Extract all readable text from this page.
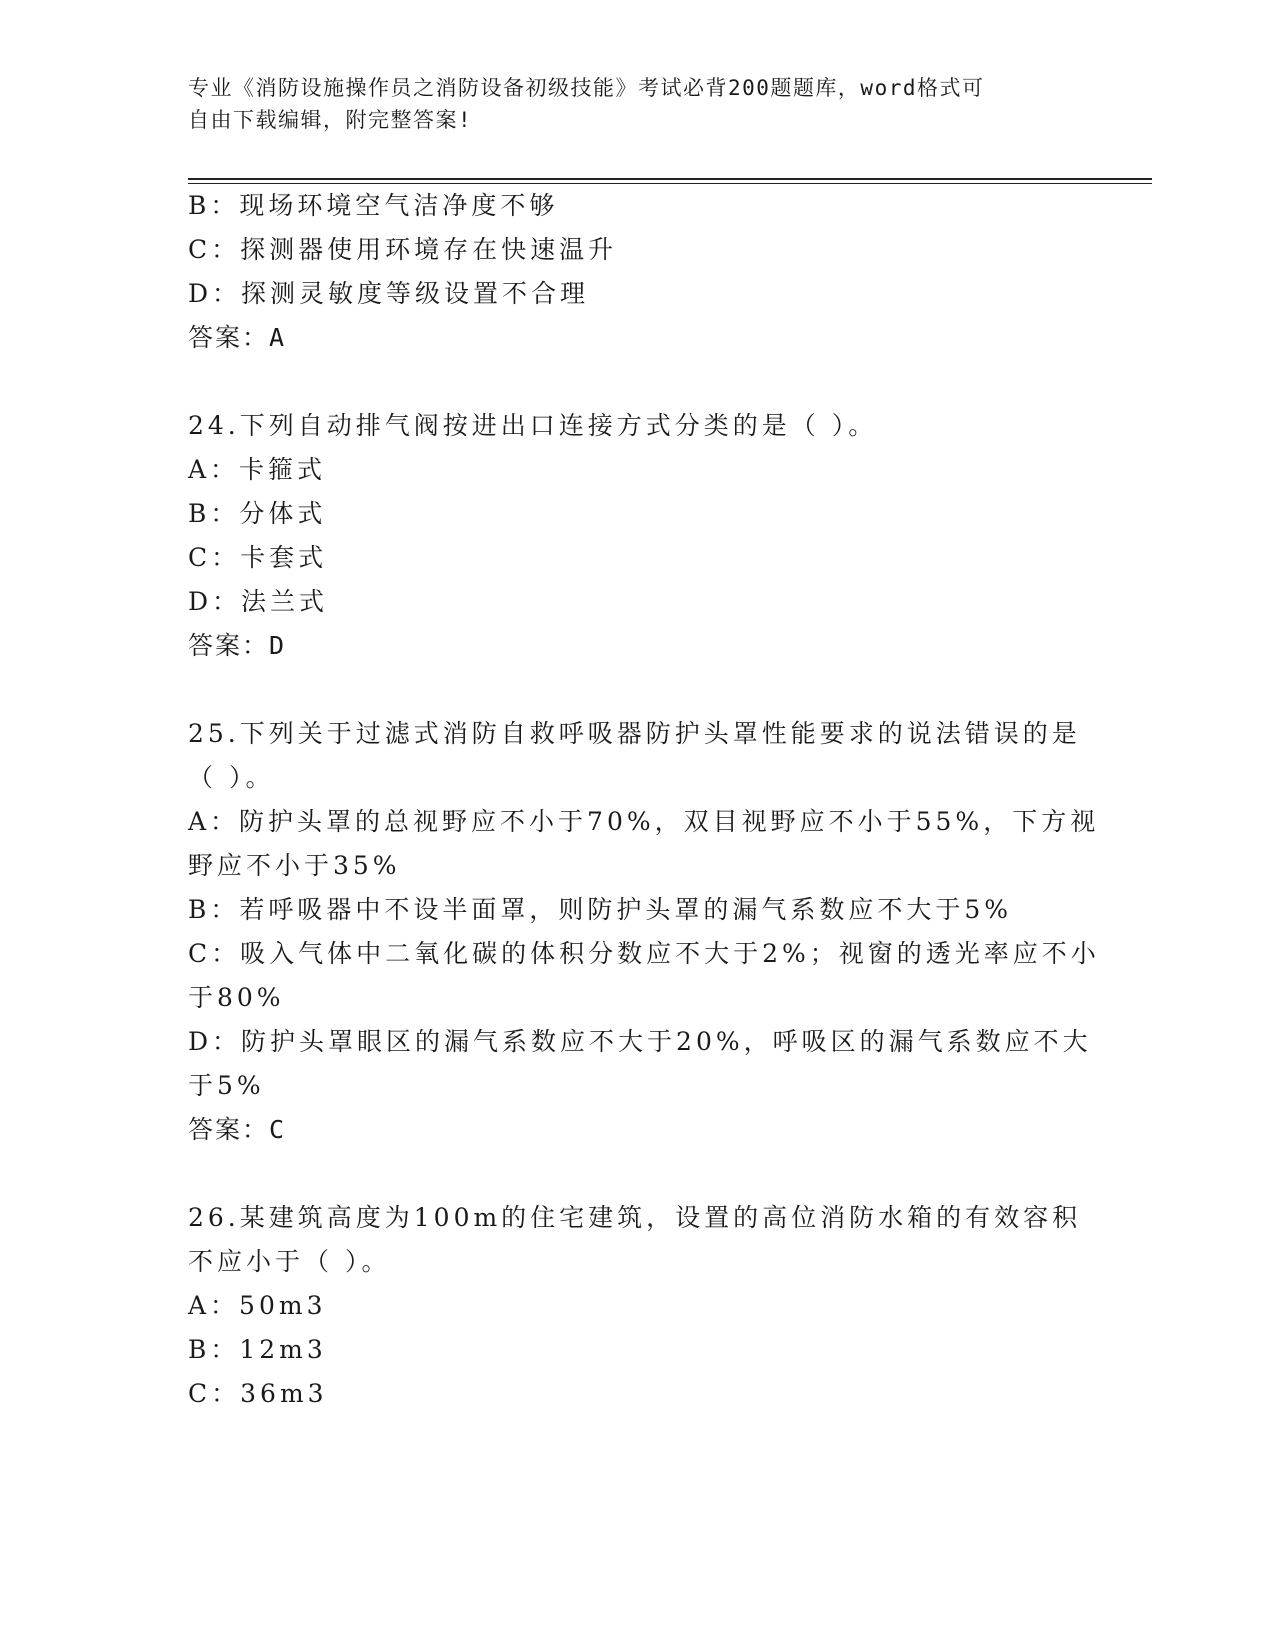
专业《消防设施操作员之消防设备初级技能》考试必背200题题库，word格式可
自由下载编辑，附完整答案!
B：现场环境空气洁净度不够
C：探测器使用环境存在快速温升
D：探测灵敏度等级设置不合理
答案：A
24.下列自动排气阀按进出口连接方式分类的是（ ）。
A：卡箍式
B：分体式
C：卡套式
D：法兰式
答案：D
25.下列关于过滤式消防自救呼吸器防护头罩性能要求的说法错误的是
（ ）。
A：防护头罩的总视野应不小于70%，双目视野应不小于55%，下方视
野应不小于35%
B：若呼吸器中不设半面罩，则防护头罩的漏气系数应不大于5%
C：吸入气体中二氧化碳的体积分数应不大于2%；视窗的透光率应不小
于80%
D：防护头罩眼区的漏气系数应不大于20%，呼吸区的漏气系数应不大
于5%
答案：C
26.某建筑高度为100m的住宅建筑，设置的高位消防水箱的有效容积
不应小于（ ）。
A：50m3
B：12m3
C：36m3
